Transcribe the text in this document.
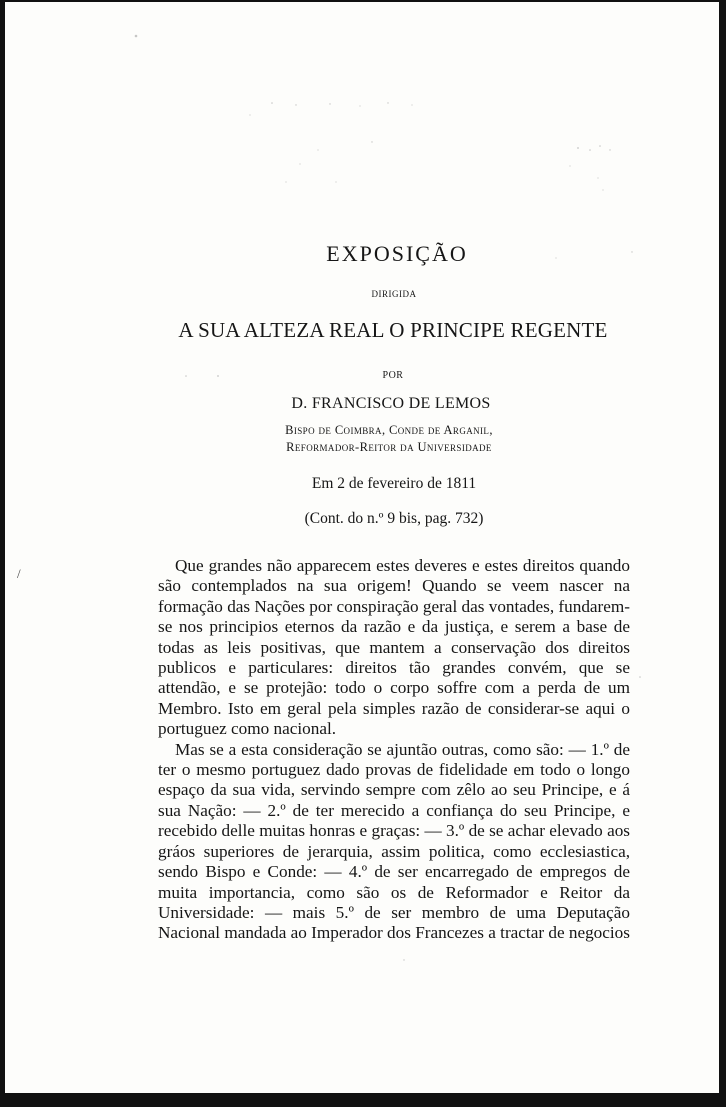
EXPOSIÇÃO
DIRIGIDA
A SUA ALTEZA REAL O PRINCIPE REGENTE
POR
D. FRANCISCO DE LEMOS
Bispo de Coimbra, Conde de Arganil,
Reformador-Reitor da Universidade
Em 2 de fevereiro de 1811
(Cont. do n.º 9 bis, pag. 732)

Que grandes não apparecem estes deveres e estes direitos quando são contemplados na sua origem! Quando se veem nascer na formação das Nações por conspiração geral das vontades, fundarem-se nos principios eternos da razão e da justiça, e serem a base de todas as leis positivas, que mantem a conservação dos direitos publicos e particulares: direitos tão grandes convém, que se attendão, e se protejão: todo o corpo soffre com a perda de um Membro. Isto em geral pela simples razão de considerar-se aqui o portuguez como nacional.

Mas se a esta consideração se ajuntão outras, como são: — 1.º de ter o mesmo portuguez dado provas de fidelidade em todo o longo espaço da sua vida, servindo sempre com zêlo ao seu Principe, e á sua Nação: — 2.º de ter merecido a confiança do seu Principe, e recebido delle muitas honras e graças: — 3.º de se achar elevado aos gráos superiores de jerarquia, assim politica, como ecclesiastica, sendo Bispo e Conde: — 4.º de ser encarregado de empregos de muita importancia, como são os de Reformador e Reitor da Universidade: — mais 5.º de ser membro de uma Deputação Nacional mandada ao Imperador dos Francezes a tractar de negocios

/
